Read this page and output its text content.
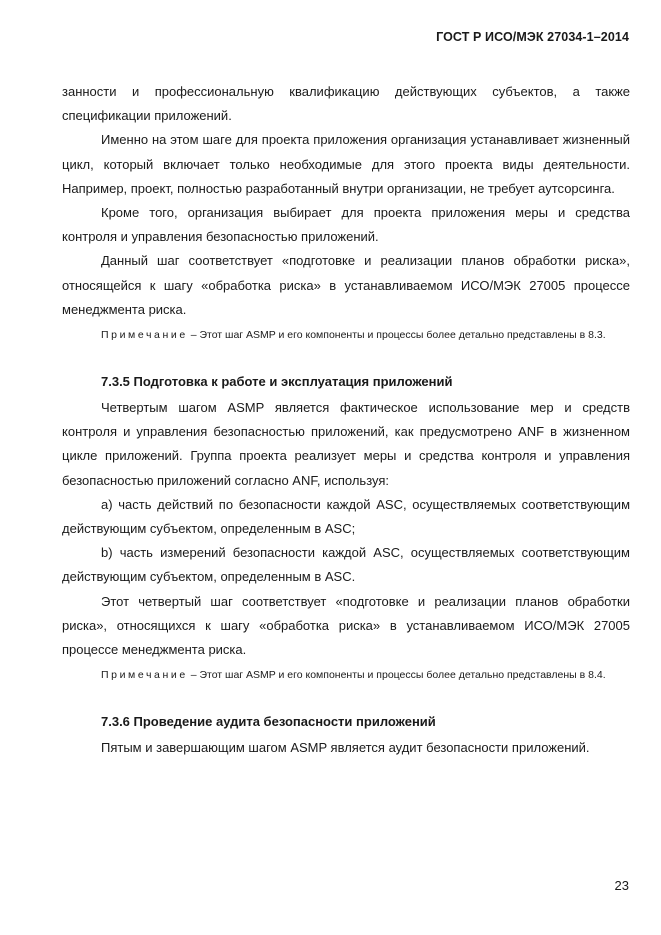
ГОСТ Р ИСО/МЭК 27034-1–2014

занности и профессиональную квалификацию действующих субъектов, а также спецификации приложений.

Именно на этом шаге для проекта приложения организация устанавливает жизненный цикл, который включает только необходимые для этого проекта виды деятельности. Например, проект, полностью разработанный внутри организации, не требует аутсорсинга.

Кроме того, организация выбирает для проекта приложения меры и средства контроля и управления безопасностью приложений.

Данный шаг соответствует «подготовке и реализации планов обработки риска», относящейся к шагу «обработка риска» в устанавливаемом ИСО/МЭК 27005 процессе менеджмента риска.

Примечание – Этот шаг ASMP и его компоненты и процессы более детально представлены в 8.3.

7.3.5 Подготовка к работе и эксплуатация приложений

Четвертым шагом ASMP является фактическое использование мер и средств контроля и управления безопасностью приложений, как предусмотрено ANF в жизненном цикле приложений. Группа проекта реализует меры и средства контроля и управления безопасностью приложений согласно ANF, используя:

a) часть действий по безопасности каждой ASC, осуществляемых соответствующим действующим субъектом, определенным в ASC;

b) часть измерений безопасности каждой ASC, осуществляемых соответствующим действующим субъектом, определенным в ASC.

Этот четвертый шаг соответствует «подготовке и реализации планов обработки риска», относящихся к шагу «обработка риска» в устанавливаемом ИСО/МЭК 27005 процессе менеджмента риска.

Примечание – Этот шаг ASMP и его компоненты и процессы более детально представлены в 8.4.

7.3.6 Проведение аудита безопасности приложений

Пятым и завершающим шагом ASMP является аудит безопасности приложений.

23
